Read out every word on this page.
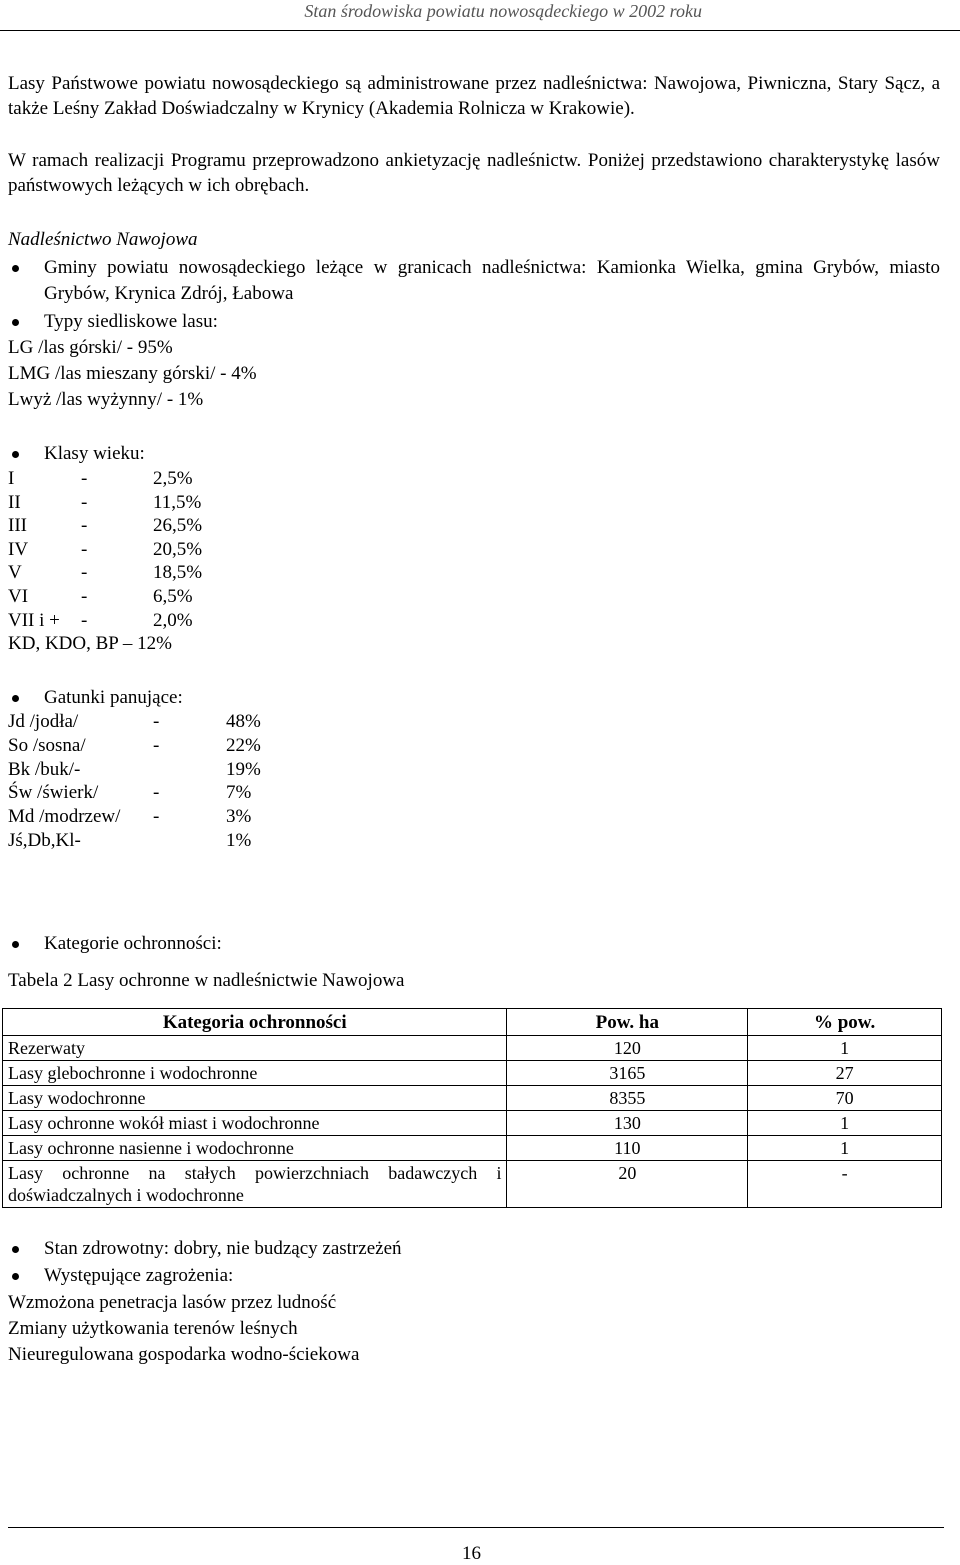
Stan środowiska powiatu nowosądeckiego w 2002 roku
Lasy Państwowe powiatu nowosądeckiego są administrowane przez nadleśnictwa: Nawojowa, Piwniczna, Stary Sącz, a także Leśny Zakład Doświadczalny w Krynicy (Akademia Rolnicza w Krakowie).
W ramach realizacji Programu przeprowadzono ankietyzację nadleśnictw. Poniżej przedstawiono charakterystykę lasów państwowych leżących w ich obrębach.
Nadleśnictwo Nawojowa
Gminy powiatu nowosądeckiego leżące w granicach nadleśnictwa: Kamionka Wielka, gmina Grybów, miasto Grybów, Krynica Zdrój, Łabowa
Typy siedliskowe lasu:
LG /las górski/ - 95%
LMG /las mieszany górski/ - 4%
Lwyż /las wyżynny/ - 1%
Klasy wieku:
I	-	2,5%
II	-	11,5%
III	-	26,5%
IV	-	20,5%
V	-	18,5%
VI	-	6,5%
VII i + -	2,0%
KD, KDO, BP – 12%
Gatunki panujące:
Jd /jodła/	-	48%
So /sosna/	-	22%
Bk /buk/-	19%
Św /świerk/	-	7%
Md /modrzew/ -	3%
Jś,Db,Kl-	1%
Kategorie ochronności:
Tabela 2 Lasy ochronne w nadleśnictwie Nawojowa
Kategoria ochronności	Pow. ha	% pow.
Rezerwaty	120	1
Lasy glebochronne i wodochronne	3165	27
Lasy wodochronne	8355	70
Lasy ochronne wokół miast i wodochronne	130	1
Lasy ochronne nasienne i wodochronne	110	1
Lasy ochronne na stałych powierzchniach badawczych i doświadczalnych i wodochronne	20	-
Stan zdrowotny: dobry, nie budzący zastrzeżeń
Występujące zagrożenia:
Wzmożona penetracja lasów przez ludność
Zmiany użytkowania terenów leśnych
Nieuregulowana gospodarka wodno-ściekowa
16
